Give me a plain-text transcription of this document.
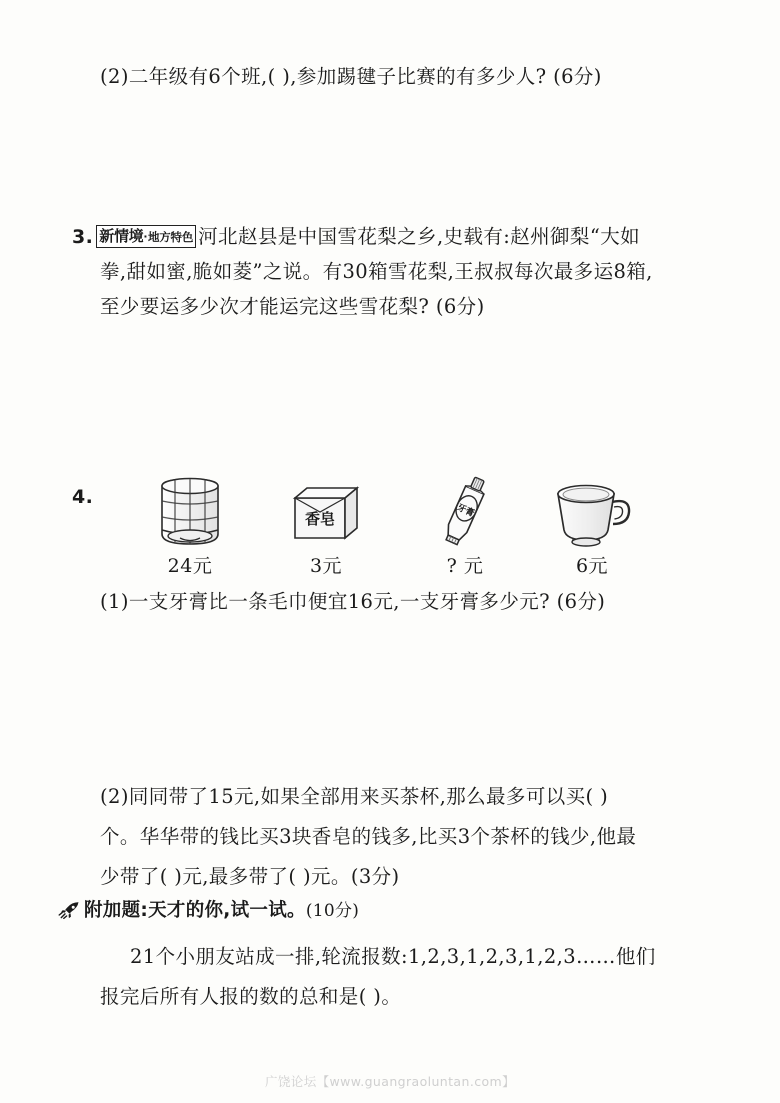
(2)二年级有6个班,( ),参加踢毽子比赛的有多少人? (6分)
3. 新情境·地方特色 河北赵县是中国雪花梨之乡,史载有:赵州御梨“大如
拳,甜如蜜,脆如菱”之说。有30箱雪花梨,王叔叔每次最多运8箱,
至少要运多少次才能运完这些雪花梨? (6分)
4.
24元
香皂
3元
牙膏
? 元	6元
(1)一支牙膏比一条毛巾便宜16元,一支牙膏多少元? (6分)
(2)同同带了15元,如果全部用来买茶杯,那么最多可以买( )
个。华华带的钱比买3块香皂的钱多,比买3个茶杯的钱少,他最
少带了( )元,最多带了( )元。(3分)
附加题:天才的你,试一试。(10分)
21个小朋友站成一排,轮流报数:1,2,3,1,2,3,1,2,3……他们
报完后所有人报的数的总和是( )。
广饶论坛【www.guangraoluntan.com】
